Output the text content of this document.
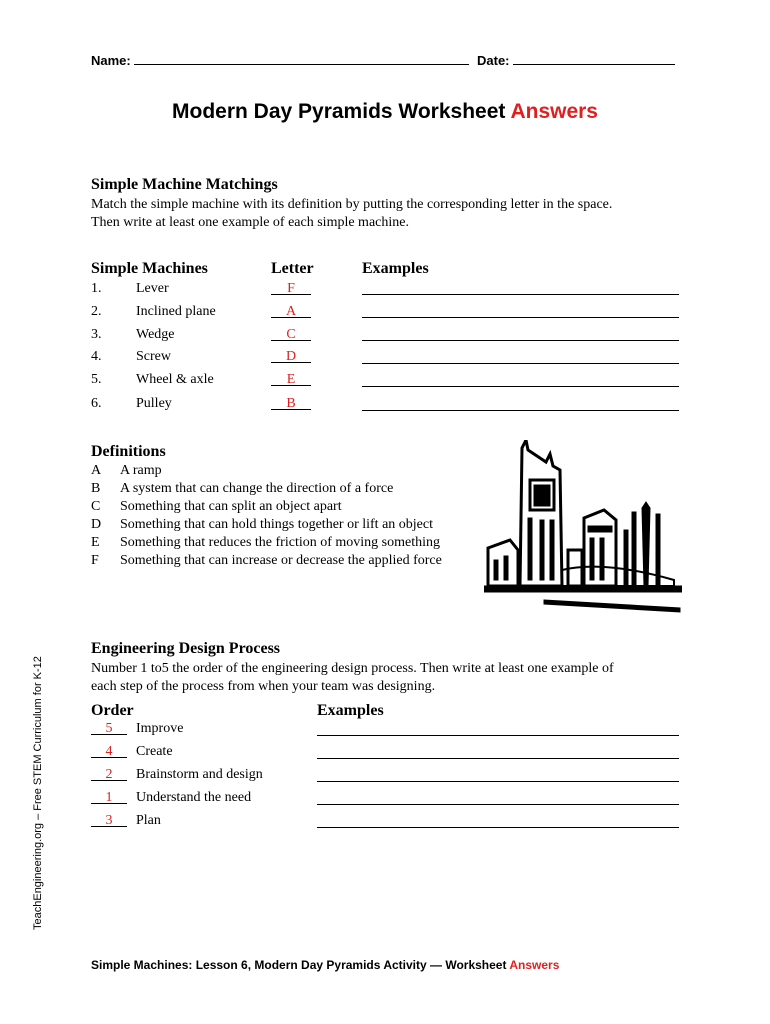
Name:	Date:
Modern Day Pyramids Worksheet Answers
Simple Machine Matchings
Match the simple machine with its definition by putting the corresponding letter in the space.
Then write at least one example of each simple machine.
Simple Machines	Letter	Examples
1. Lever	F
2. Inclined plane	A
3. Wedge	C
4. Screw	D
5. Wheel & axle	E
6. Pulley	B
Definitions
A A ramp
B A system that can change the direction of a force
C Something that can split an object apart
D Something that can hold things together or lift an object
E Something that reduces the friction of moving something
F Something that can increase or decrease the applied force
Engineering Design Process
Number 1 to5 the order of the engineering design process. Then write at least one example of
each step of the process from when your team was designing.
Order	Examples
5	Improve
4	Create
2	Brainstorm and design
1	Understand the need
3	Plan
TeachEngineering.org – Free STEM Curriculum for K-12
Simple Machines: Lesson 6, Modern Day Pyramids Activity — Worksheet Answers
